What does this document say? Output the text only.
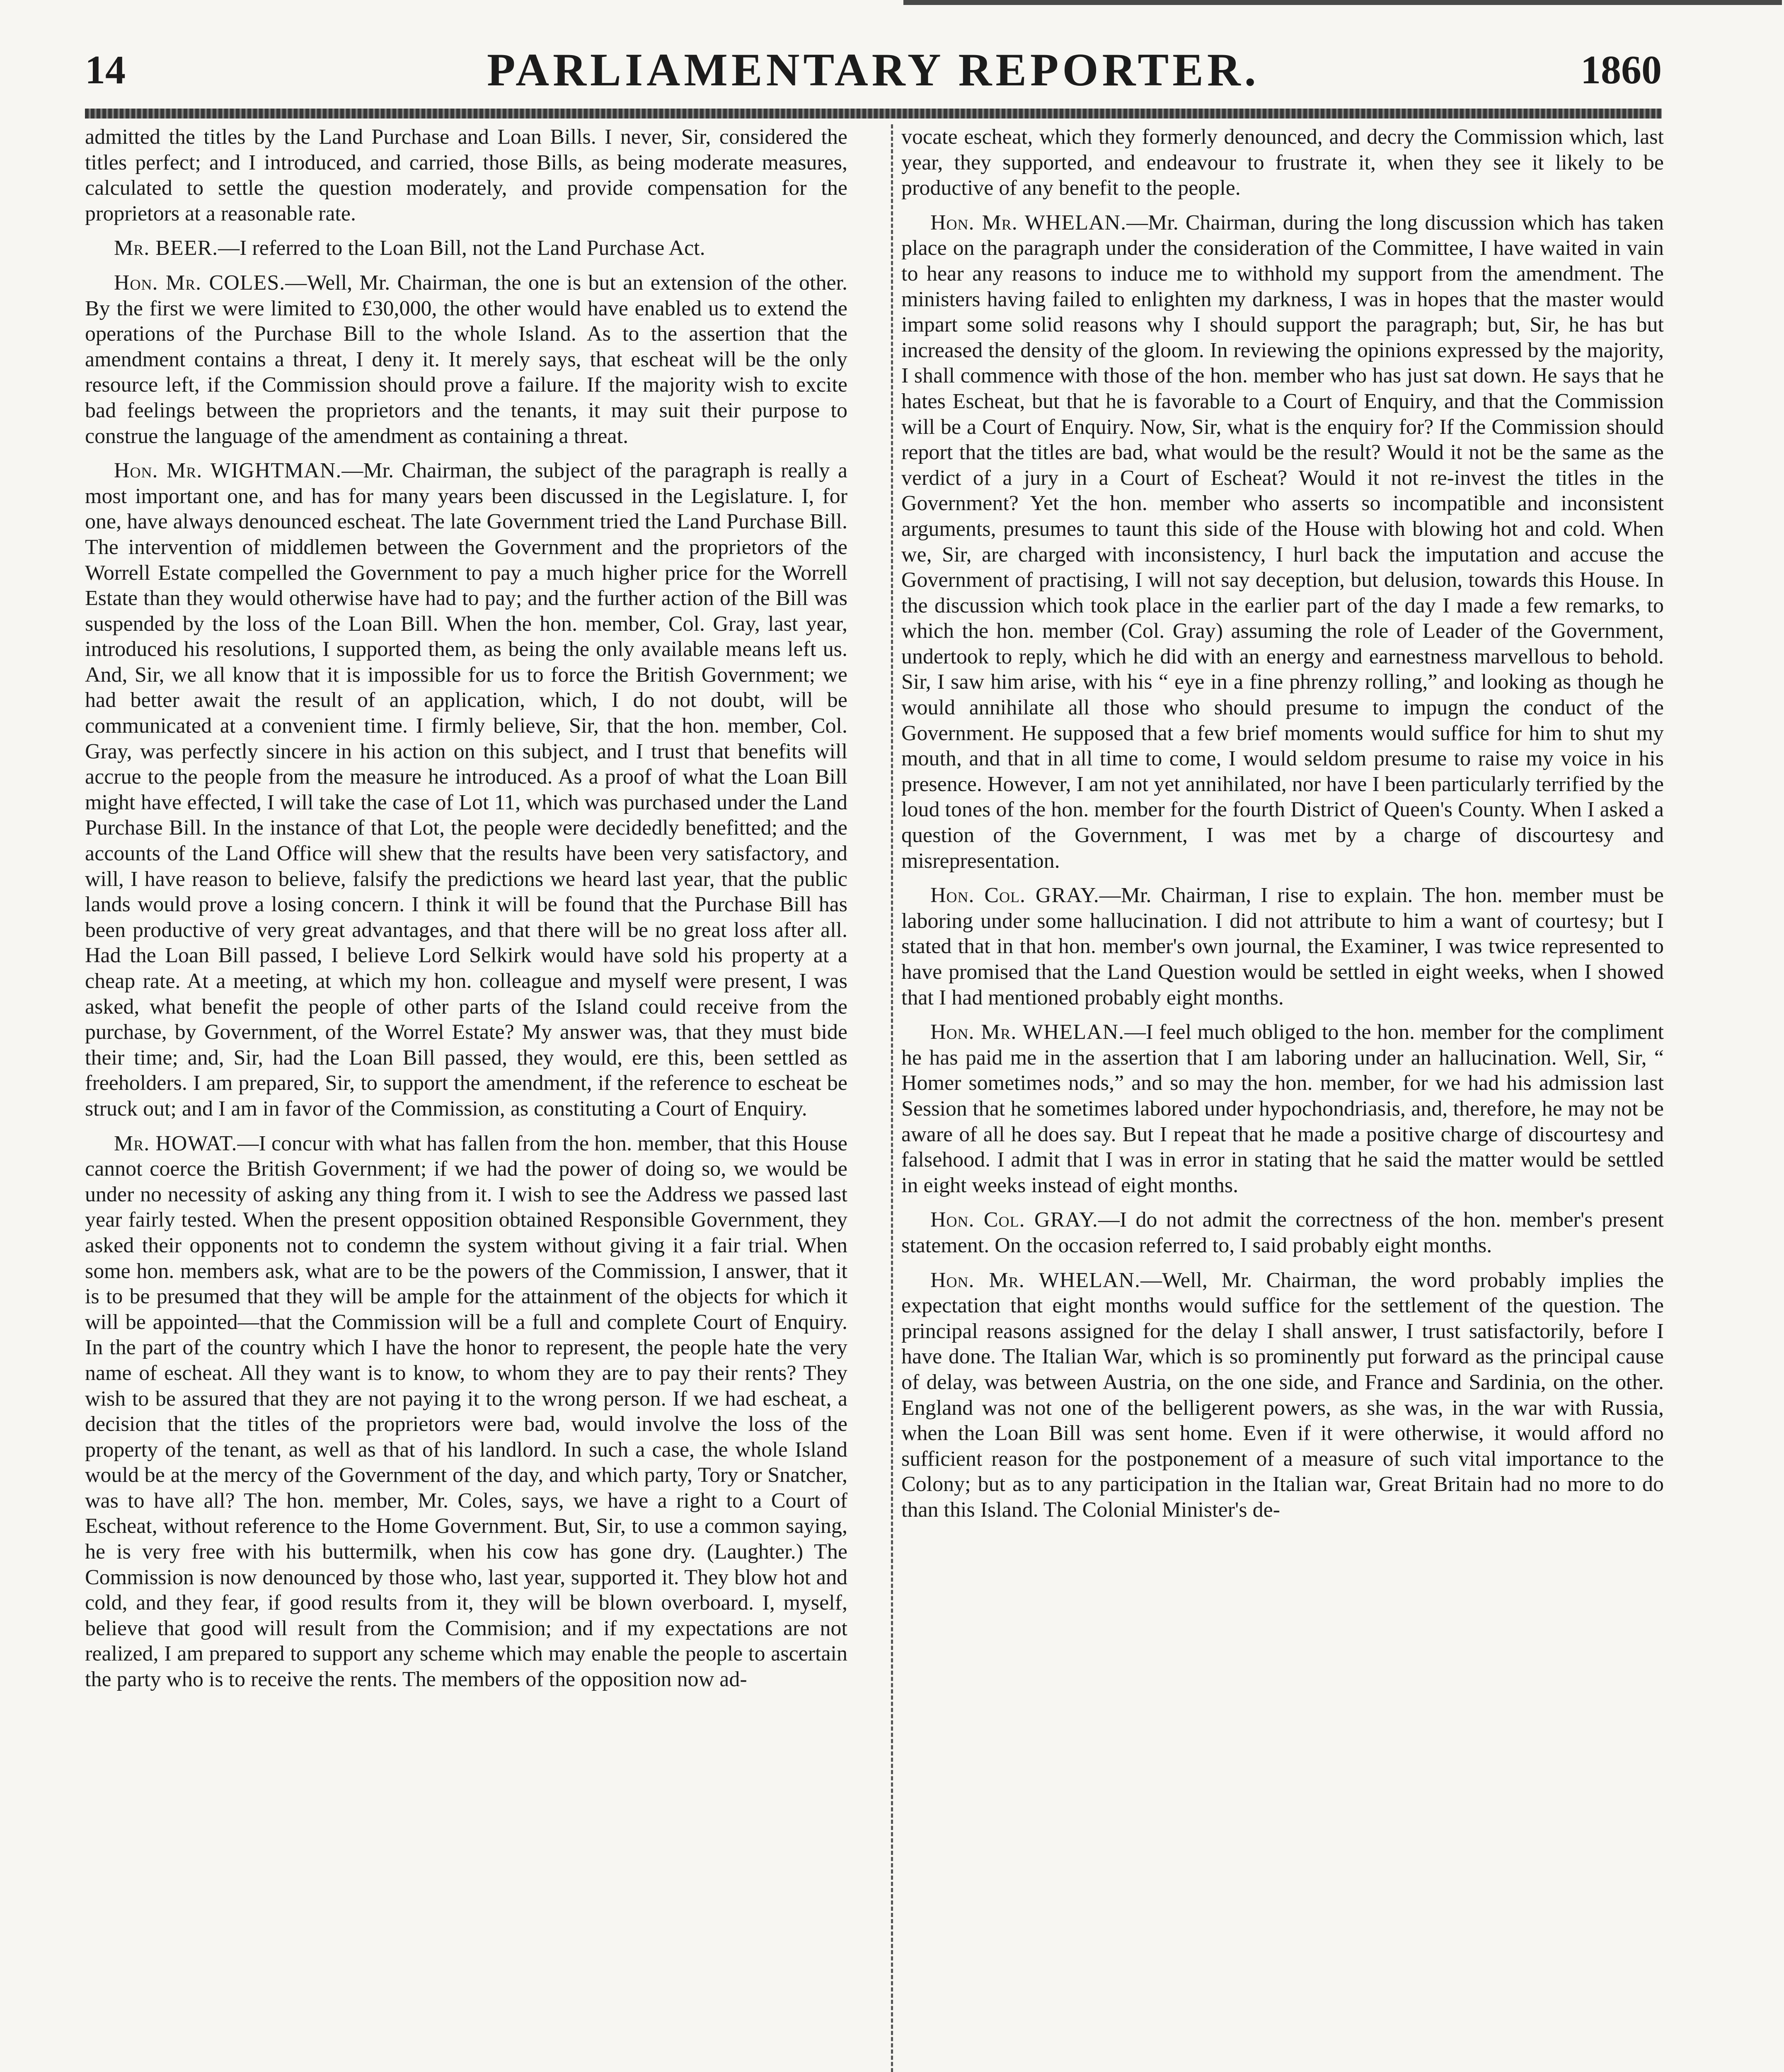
14	PARLIAMENTARY REPORTER.	1860

admitted the titles by the Land Purchase and Loan Bills. I never, Sir, considered the titles perfect; and I introduced, and carried, those Bills, as being moderate measures, calculated to settle the question moderately, and provide compensation for the proprietors at a reasonable rate.

Mr. BEER.—I referred to the Loan Bill, not the Land Purchase Act.

Hon. Mr. COLES.—Well, Mr. Chairman, the one is but an extension of the other. By the first we were limited to £30,000, the other would have enabled us to extend the operations of the Purchase Bill to the whole Island. As to the assertion that the amendment contains a threat, I deny it. It merely says, that escheat will be the only resource left, if the Commission should prove a failure. If the majority wish to excite bad feelings between the proprietors and the tenants, it may suit their purpose to construe the language of the amendment as containing a threat.

Hon. Mr. WIGHTMAN.—Mr. Chairman, the subject of the paragraph is really a most important one, and has for many years been discussed in the Legislature. I, for one, have always denounced escheat. The late Government tried the Land Purchase Bill. The intervention of middlemen between the Government and the proprietors of the Worrell Estate compelled the Government to pay a much higher price for the Worrell Estate than they would otherwise have had to pay; and the further action of the Bill was suspended by the loss of the Loan Bill. When the hon. member, Col. Gray, last year, introduced his resolutions, I supported them, as being the only available means left us. And, Sir, we all know that it is impossible for us to force the British Government; we had better await the result of an application, which, I do not doubt, will be communicated at a convenient time. I firmly believe, Sir, that the hon. member, Col. Gray, was perfectly sincere in his action on this subject, and I trust that benefits will accrue to the people from the measure he introduced. As a proof of what the Loan Bill might have effected, I will take the case of Lot 11, which was purchased under the Land Purchase Bill. In the instance of that Lot, the people were decidedly benefitted; and the accounts of the Land Office will shew that the results have been very satisfactory, and will, I have reason to believe, falsify the predictions we heard last year, that the public lands would prove a losing concern. I think it will be found that the Purchase Bill has been productive of very great advantages, and that there will be no great loss after all. Had the Loan Bill passed, I believe Lord Selkirk would have sold his property at a cheap rate. At a meeting, at which my hon. colleague and myself were present, I was asked, what benefit the people of other parts of the Island could receive from the purchase, by Government, of the Worrel Estate? My answer was, that they must bide their time; and, Sir, had the Loan Bill passed, they would, ere this, been settled as freeholders. I am prepared, Sir, to support the amendment, if the reference to escheat be struck out; and I am in favor of the Commission, as constituting a Court of Enquiry.

Mr. HOWAT.—I concur with what has fallen from the hon. member, that this House cannot coerce the British Government; if we had the power of doing so, we would be under no necessity of asking any thing from it. I wish to see the Address we passed last year fairly tested. When the present opposition obtained Responsible Government, they asked their opponents not to condemn the system without giving it a fair trial. When some hon. members ask, what are to be the powers of the Commission, I answer, that it is to be presumed that they will be ample for the attainment of the objects for which it will be appointed—that the Commission will be a full and complete Court of Enquiry. In the part of the country which I have the honor to represent, the people hate the very name of escheat. All they want is to know, to whom they are to pay their rents? They wish to be assured that they are not paying it to the wrong person. If we had escheat, a decision that the titles of the proprietors were bad, would involve the loss of the property of the tenant, as well as that of his landlord. In such a case, the whole Island would be at the mercy of the Government of the day, and which party, Tory or Snatcher, was to have all? The hon. member, Mr. Coles, says, we have a right to a Court of Escheat, without reference to the Home Government. But, Sir, to use a common saying, he is very free with his buttermilk, when his cow has gone dry. (Laughter.) The Commission is now denounced by those who, last year, supported it. They blow hot and cold, and they fear, if good results from it, they will be blown overboard. I, myself, believe that good will result from the Commision; and if my expectations are not realized, I am prepared to support any scheme which may enable the people to ascertain the party who is to receive the rents. The members of the opposition now ad-

vocate escheat, which they formerly denounced, and decry the Commission which, last year, they supported, and endeavour to frustrate it, when they see it likely to be productive of any benefit to the people.

Hon. Mr. WHELAN.—Mr. Chairman, during the long discussion which has taken place on the paragraph under the consideration of the Committee, I have waited in vain to hear any reasons to induce me to withhold my support from the amendment. The ministers having failed to enlighten my darkness, I was in hopes that the master would impart some solid reasons why I should support the paragraph; but, Sir, he has but increased the density of the gloom. In reviewing the opinions expressed by the majority, I shall commence with those of the hon. member who has just sat down. He says that he hates Escheat, but that he is favorable to a Court of Enquiry, and that the Commission will be a Court of Enquiry. Now, Sir, what is the enquiry for? If the Commission should report that the titles are bad, what would be the result? Would it not be the same as the verdict of a jury in a Court of Escheat? Would it not re-invest the titles in the Government? Yet the hon. member who asserts so incompatible and inconsistent arguments, presumes to taunt this side of the House with blowing hot and cold. When we, Sir, are charged with inconsistency, I hurl back the imputation and accuse the Government of practising, I will not say deception, but delusion, towards this House. In the discussion which took place in the earlier part of the day I made a few remarks, to which the hon. member (Col. Gray) assuming the role of Leader of the Government, undertook to reply, which he did with an energy and earnestness marvellous to behold. Sir, I saw him arise, with his “ eye in a fine phrenzy rolling,” and looking as though he would annihilate all those who should presume to impugn the conduct of the Government. He supposed that a few brief moments would suffice for him to shut my mouth, and that in all time to come, I would seldom presume to raise my voice in his presence. However, I am not yet annihilated, nor have I been particularly terrified by the loud tones of the hon. member for the fourth District of Queen's County. When I asked a question of the Government, I was met by a charge of discourtesy and misrepresentation.

Hon. Col. GRAY.—Mr. Chairman, I rise to explain. The hon. member must be laboring under some hallucination. I did not attribute to him a want of courtesy; but I stated that in that hon. member's own journal, the Examiner, I was twice represented to have promised that the Land Question would be settled in eight weeks, when I showed that I had mentioned probably eight months.

Hon. Mr. WHELAN.—I feel much obliged to the hon. member for the compliment he has paid me in the assertion that I am laboring under an hallucination. Well, Sir, “ Homer sometimes nods,” and so may the hon. member, for we had his admission last Session that he sometimes labored under hypochondriasis, and, therefore, he may not be aware of all he does say. But I repeat that he made a positive charge of discourtesy and falsehood. I admit that I was in error in stating that he said the matter would be settled in eight weeks instead of eight months.

Hon. Col. GRAY.—I do not admit the correctness of the hon. member's present statement. On the occasion referred to, I said probably eight months.

Hon. Mr. WHELAN.—Well, Mr. Chairman, the word probably implies the expectation that eight months would suffice for the settlement of the question. The principal reasons assigned for the delay I shall answer, I trust satisfactorily, before I have done. The Italian War, which is so prominently put forward as the principal cause of delay, was between Austria, on the one side, and France and Sardinia, on the other. England was not one of the belligerent powers, as she was, in the war with Russia, when the Loan Bill was sent home. Even if it were otherwise, it would afford no sufficient reason for the postponement of a measure of such vital importance to the Colony; but as to any participation in the Italian war, Great Britain had no more to do than this Island. The Colonial Minister's de-
